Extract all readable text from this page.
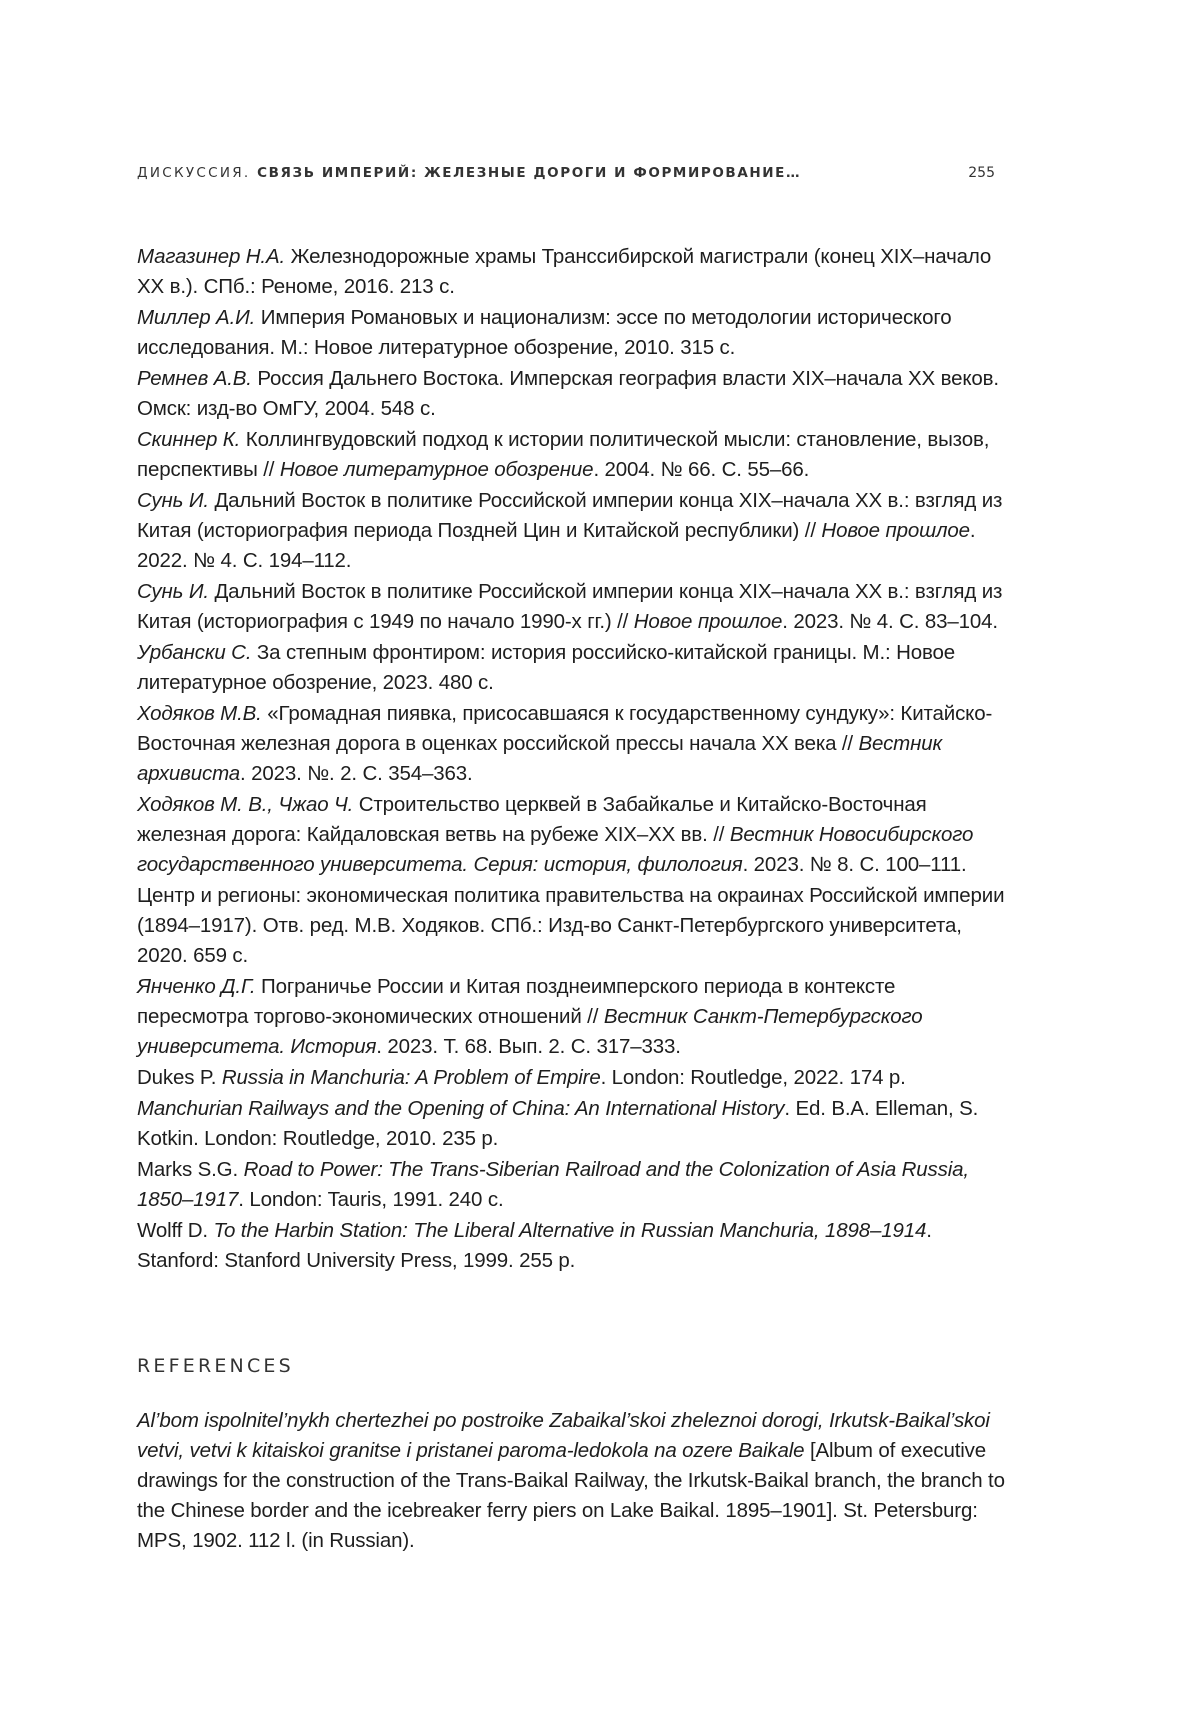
ДИСКУССИЯ. СВЯЗЬ ИМПЕРИЙ: ЖЕЛЕЗНЫЕ ДОРОГИ И ФОРМИРОВАНИЕ…	255
Магазинер Н.А. Железнодорожные храмы Транссибирской магистрали (конец XIX–начало XX в.). СПб.: Реноме, 2016. 213 с.
Миллер А.И. Империя Романовых и национализм: эссе по методологии исторического исследования. М.: Новое литературное обозрение, 2010. 315 с.
Ремнев А.В. Россия Дальнего Востока. Имперская география власти XIX–начала XX веков. Омск: изд-во ОмГУ, 2004. 548 с.
Скиннер К. Коллингвудовский подход к истории политической мысли: становление, вызов, перспективы // Новое литературное обозрение. 2004. № 66. С. 55–66.
Сунь И. Дальний Восток в политике Российской империи конца XIX–начала XX в.: взгляд из Китая (историография периода Поздней Цин и Китайской республики) // Новое прошлое. 2022. № 4. С. 194–112.
Сунь И. Дальний Восток в политике Российской империи конца XIX–начала XX в.: взгляд из Китая (историография с 1949 по начало 1990-х гг.) // Новое прошлое. 2023. № 4. С. 83–104.
Урбански С. За степным фронтиром: история российско-китайской границы. М.: Новое литературное обозрение, 2023. 480 с.
Ходяков М.В. «Громадная пиявка, присосавшаяся к государственному сундуку»: Китайско-Восточная железная дорога в оценках российской прессы начала XX века // Вестник архивиста. 2023. №. 2. С. 354–363.
Ходяков М. В., Чжао Ч. Строительство церквей в Забайкалье и Китайско-Восточная железная дорога: Кайдаловская ветвь на рубеже XIX–XX вв. // Вестник Новосибирского государственного университета. Серия: история, филология. 2023. № 8. С. 100–111.
Центр и регионы: экономическая политика правительства на окраинах Российской империи (1894–1917). Отв. ред. М.В. Ходяков. СПб.: Изд-во Санкт-Петербургского университета, 2020. 659 с.
Янченко Д.Г. Пограничье России и Китая позднеимперского периода в контексте пересмотра торгово-экономических отношений // Вестник Санкт-Петербургского университета. История. 2023. Т. 68. Вып. 2. С. 317–333.
Dukes P. Russia in Manchuria: A Problem of Empire. London: Routledge, 2022. 174 p.
Manchurian Railways and the Opening of China: An International History. Ed. B.A. Elleman, S. Kotkin. London: Routledge, 2010. 235 p.
Marks S.G. Road to Power: The Trans-Siberian Railroad and the Colonization of Asia Russia, 1850–1917. London: Tauris, 1991. 240 c.
Wolff D. To the Harbin Station: The Liberal Alternative in Russian Manchuria, 1898–1914. Stanford: Stanford University Press, 1999. 255 p.
REFERENCES
Al’bom ispolnitel’nykh chertezhei po postroike Zabaikal’skoi zheleznoi dorogi, Irkutsk-Baikal’skoi vetvi, vetvi k kitaiskoi granitse i pristanei paroma-ledokola na ozere Baikale [Album of executive drawings for the construction of the Trans-Baikal Railway, the Irkutsk-Baikal branch, the branch to the Chinese border and the icebreaker ferry piers on Lake Baikal. 1895–1901]. St. Petersburg: MPS, 1902. 112 l. (in Russian).
